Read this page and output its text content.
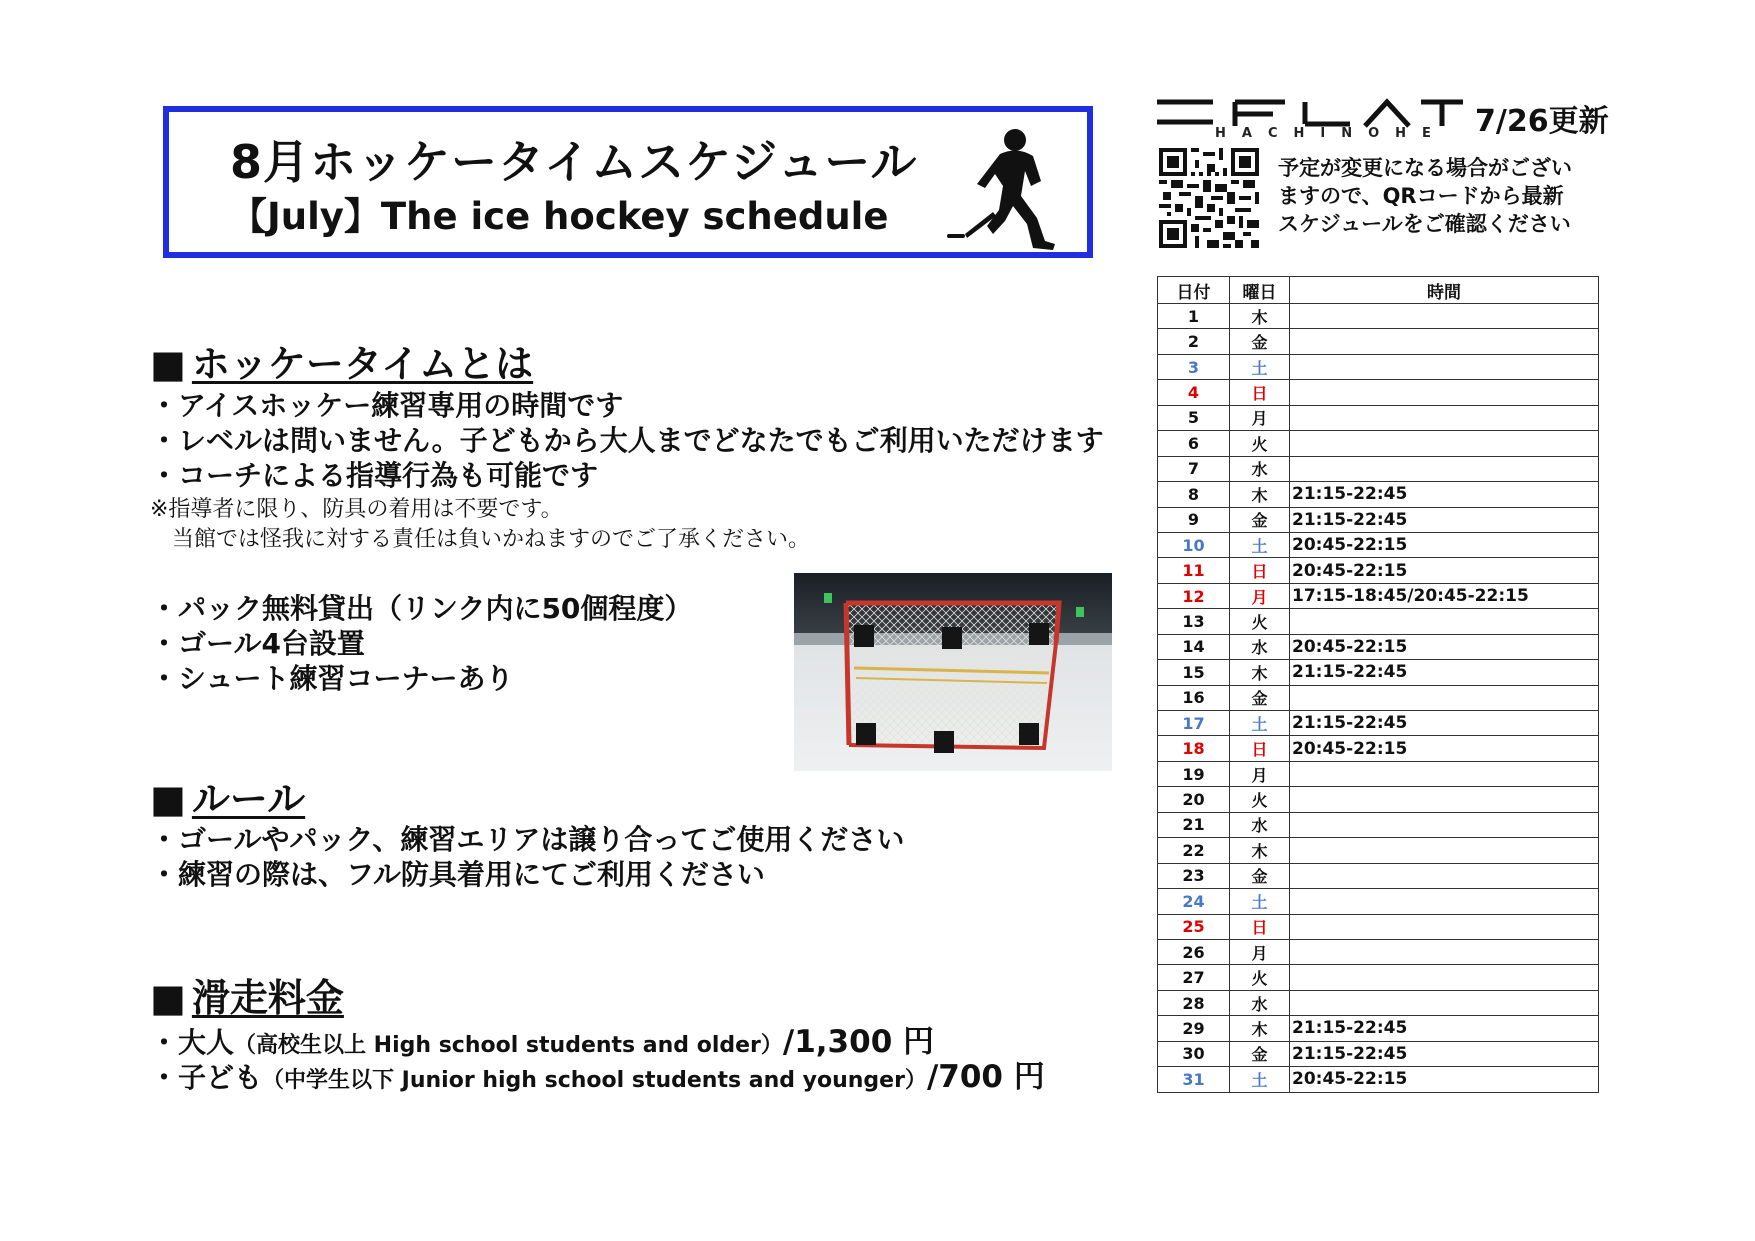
8月ホッケータイムスケジュール
【July】The ice hockey schedule
FLAT
HACHINOHE 7/26更新
予定が変更になる場合がござい
ますので、QRコードから最新
スケジュールをご確認ください
■ ホッケータイムとは
・アイスホッケー練習専用の時間です
・レベルは問いません。子どもから大人までどなたでもご利用いただけます
・コーチによる指導行為も可能です
※指導者に限り、防具の着用は不要です。
　当館では怪我に対する責任は負いかねますのでご了承ください。
・パック無料貸出（リンク内に50個程度）
・ゴール4台設置
・シュート練習コーナーあり
■ ルール
・ゴールやパック、練習エリアは譲り合ってご使用ください
・練習の際は、フル防具着用にてご利用ください
■ 滑走料金
・大人（高校生以上 High school students and older）/1,300 円
・子ども（中学生以下 Junior high school students and younger）/700 円
日付	曜日	時間
1	木	
2	金	
3	土	
4	日	
5	月	
6	火	
7	水	
8	木	21:15-22:45
9	金	21:15-22:45
10	土	20:45-22:15
11	日	20:45-22:15
12	月	17:15-18:45/20:45-22:15
13	火	
14	水	20:45-22:15
15	木	21:15-22:45
16	金	
17	土	21:15-22:45
18	日	20:45-22:15
19	月	
20	火	
21	水	
22	木	
23	金	
24	土	
25	日	
26	月	
27	火	
28	水	
29	木	21:15-22:45
30	金	21:15-22:45
31	土	20:45-22:15
